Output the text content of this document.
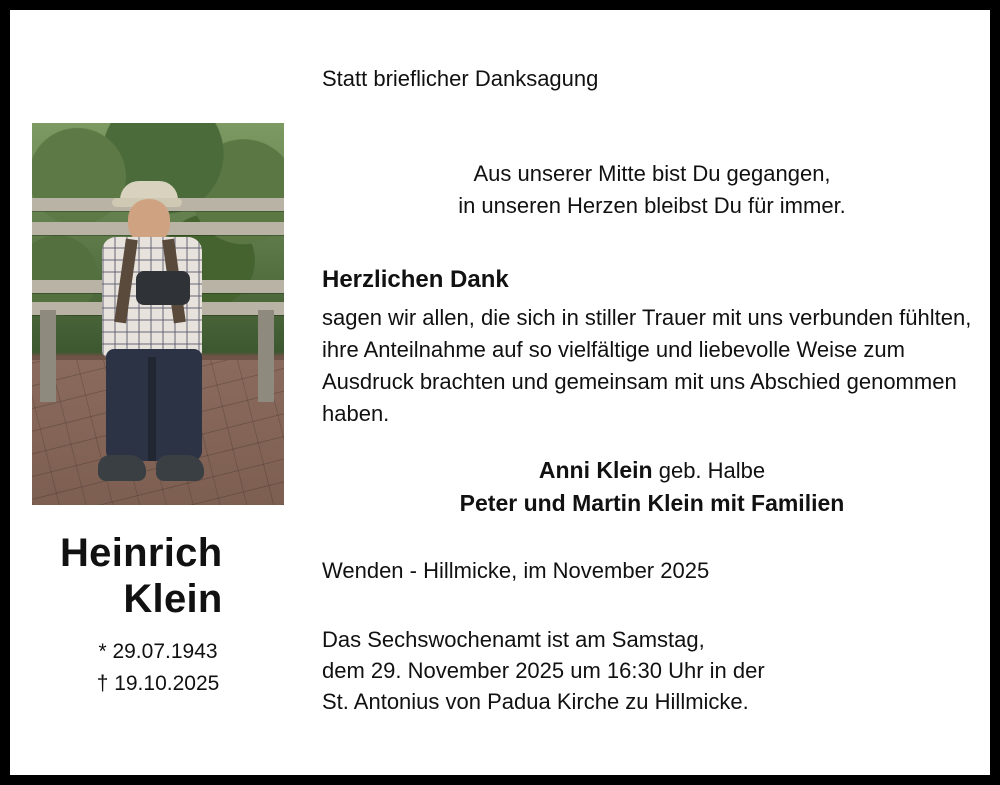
Heinrich
Klein
* 29.07.1943
† 19.10.2025
Statt brieflicher Danksagung
Aus unserer Mitte bist Du gegangen,
in unseren Herzen bleibst Du für immer.
Herzlichen Dank
sagen wir allen, die sich in stiller Trauer mit uns verbunden fühlten, ihre Anteilnahme auf so vielfältige und liebevolle Weise zum Ausdruck brachten und gemeinsam mit uns Abschied genommen haben.
Anni Klein geb. Halbe
Peter und Martin Klein mit Familien
Wenden - Hillmicke, im November 2025
Das Sechswochenamt ist am Samstag,
dem 29. November 2025 um 16:30 Uhr in der
St. Antonius von Padua Kirche zu Hillmicke.
